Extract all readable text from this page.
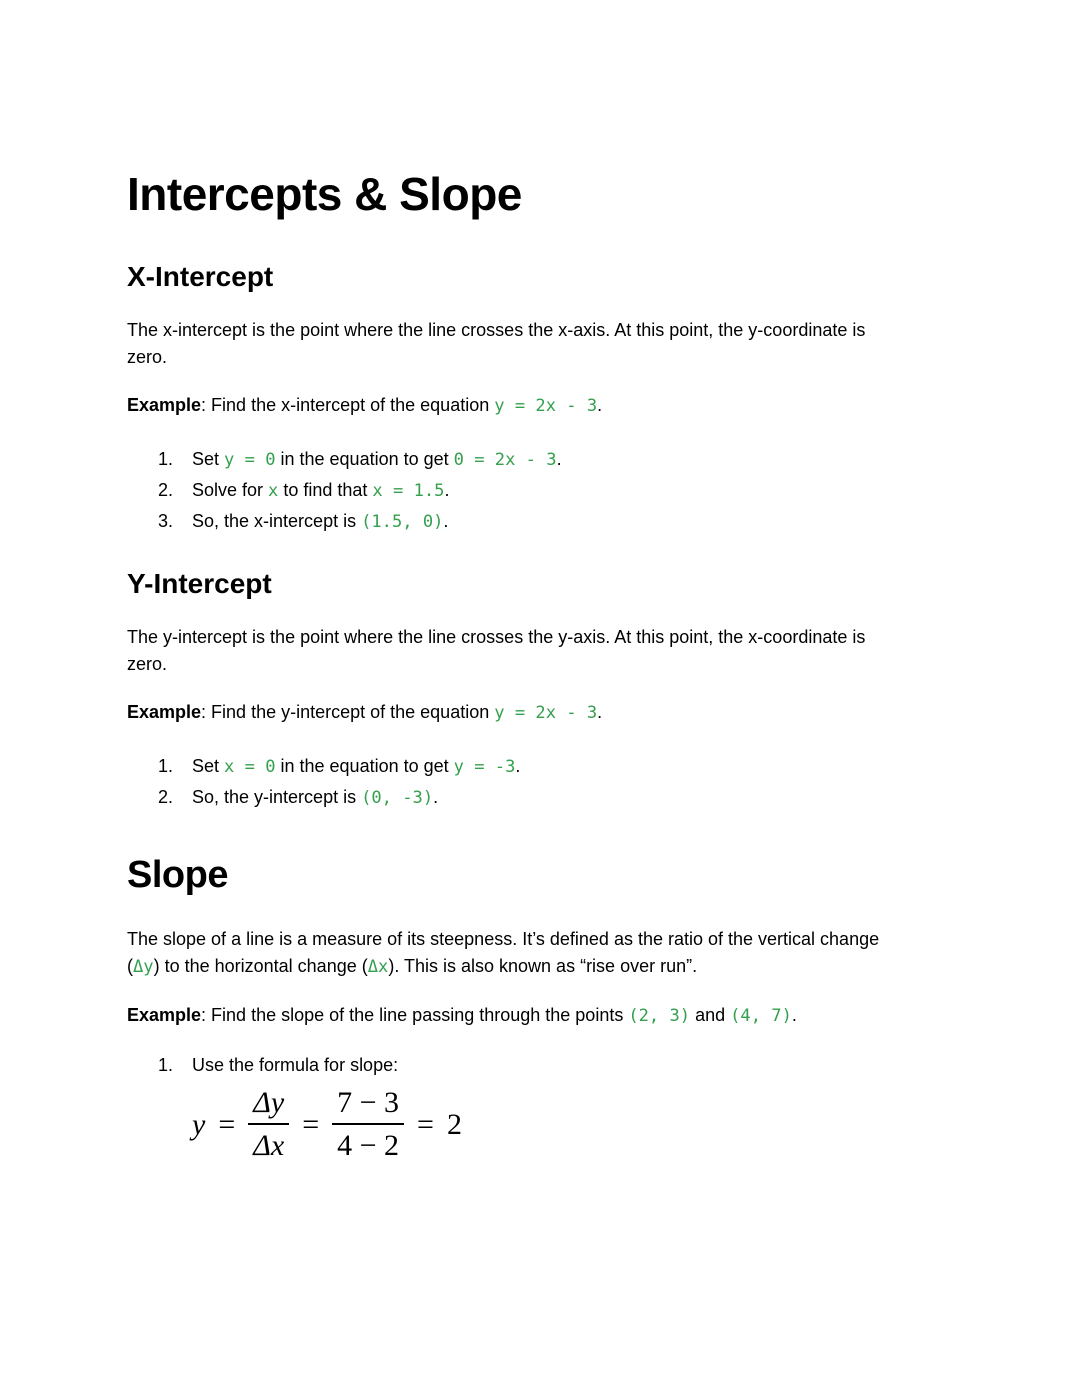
Intercepts & Slope
X-Intercept

The x-intercept is the point where the line crosses the x-axis. At this point, the y-coordinate is
zero.

Example: Find the x-intercept of the equation y = 2x - 3.

1.	Set y = 0 in the equation to get 0 = 2x - 3.
2.	Solve for x to find that x = 1.5.
3.	So, the x-intercept is (1.5, 0).
Y-Intercept

The y-intercept is the point where the line crosses the y-axis. At this point, the x-coordinate is
zero.

Example: Find the y-intercept of the equation y = 2x - 3.

1.	Set x = 0 in the equation to get y = -3.
2.	So, the y-intercept is (0, -3).
Slope

The slope of a line is a measure of its steepness. It’s defined as the ratio of the vertical change
(Δy) to the horizontal change (Δx). This is also known as “rise over run”.

Example: Find the slope of the line passing through the points (2, 3) and (4, 7).

1.	Use the formula for slope:
$y = \frac{\Delta y}{\Delta x} = \frac{7 - 3}{4 - 2} = 2$
